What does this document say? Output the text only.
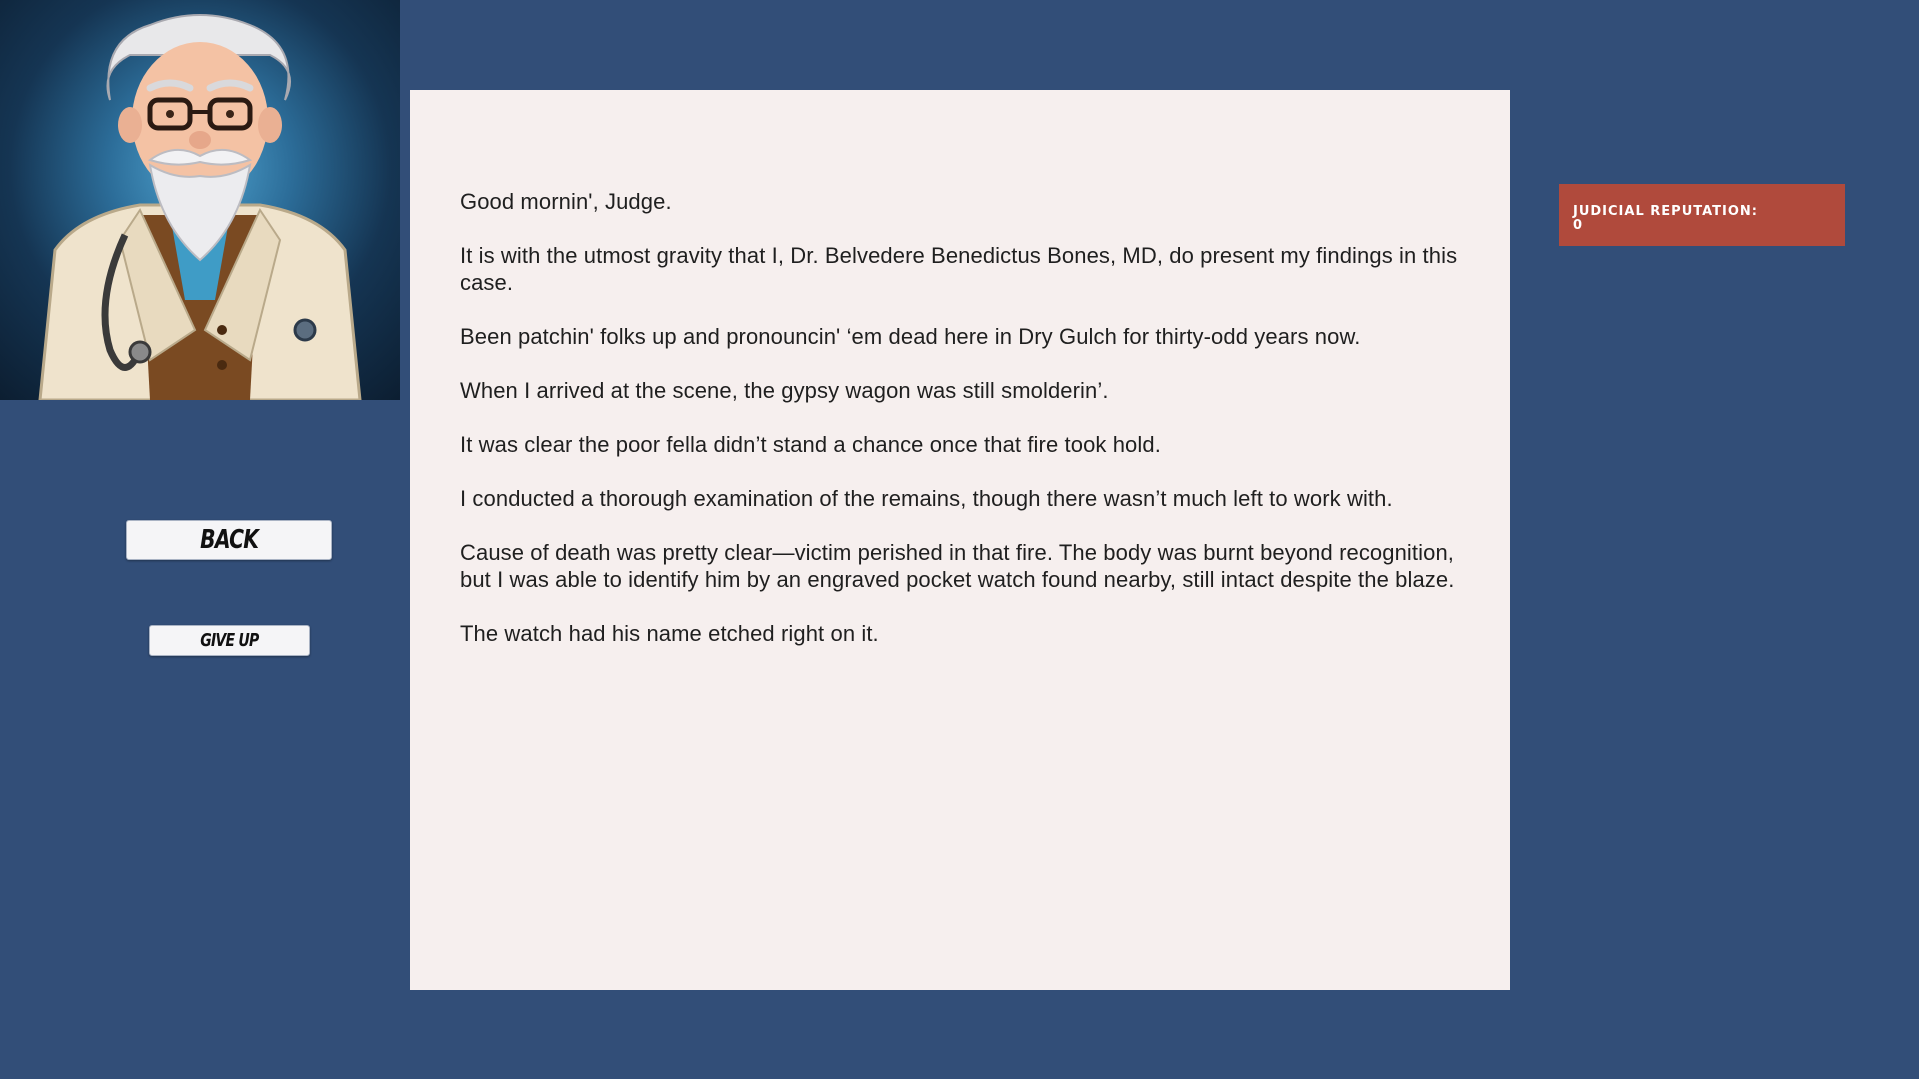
BACK
GIVE UP

Good mornin', Judge.

It is with the utmost gravity that I, Dr. Belvedere Benedictus Bones, MD, do present my findings in this case.

Been patchin' folks up and pronouncin' ‘em dead here in Dry Gulch for thirty-odd years now.

When I arrived at the scene, the gypsy wagon was still smolderin’.

It was clear the poor fella didn’t stand a chance once that fire took hold.

I conducted a thorough examination of the remains, though there wasn’t much left to work with.

Cause of death was pretty clear—victim perished in that fire. The body was burnt beyond recognition, but I was able to identify him by an engraved pocket watch found nearby, still intact despite the blaze.

The watch had his name etched right on it.

JUDICIAL REPUTATION:
0
